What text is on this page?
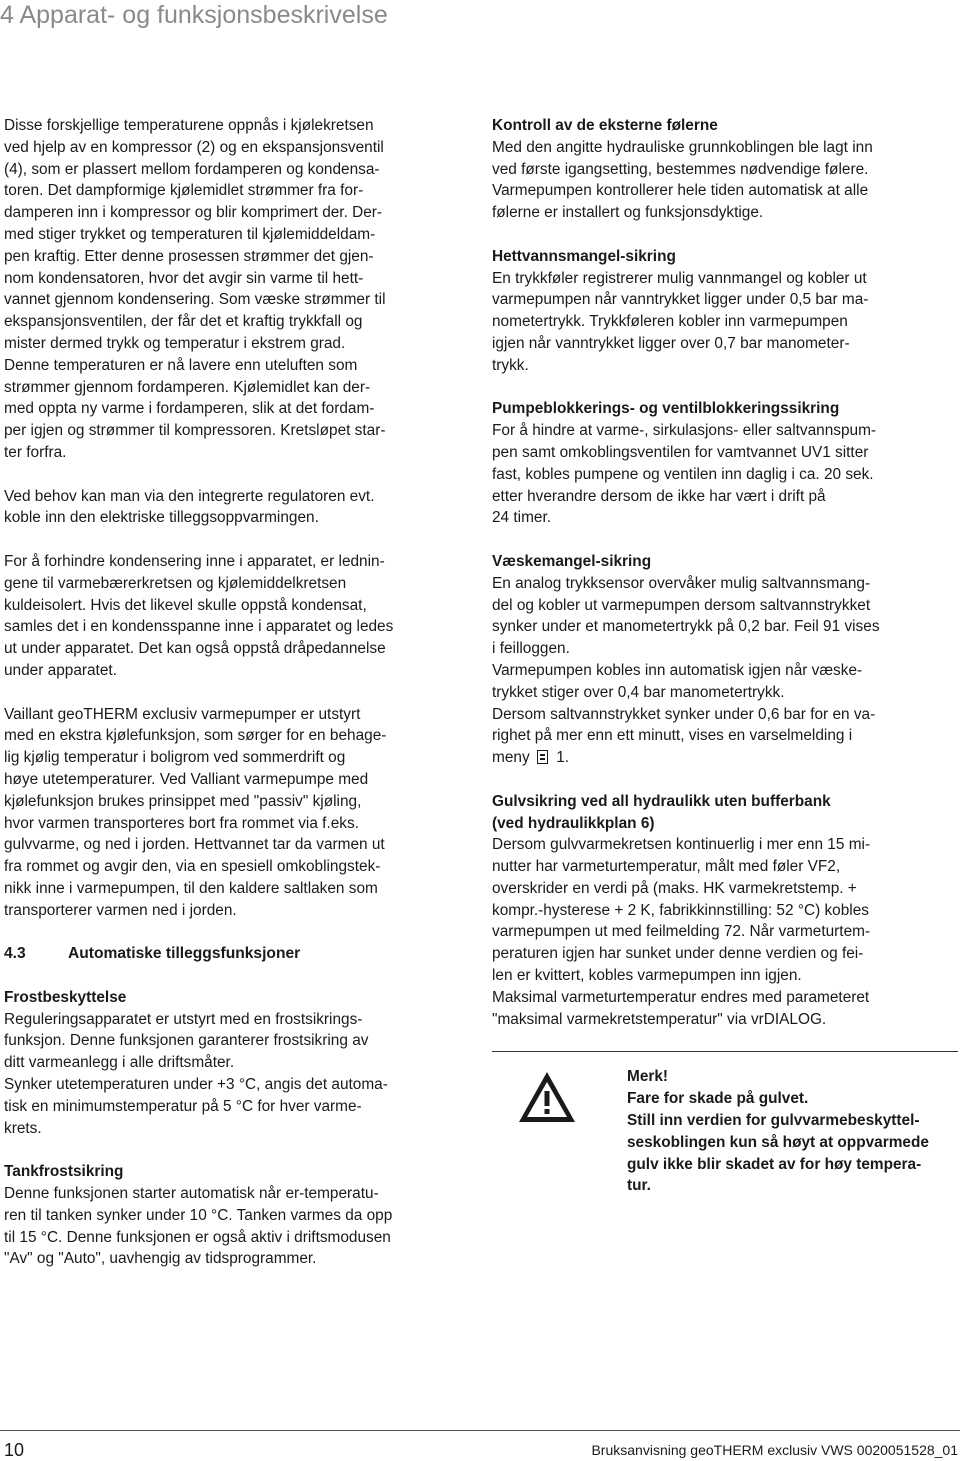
4 Apparat- og funksjonsbeskrivelse

Disse forskjellige temperaturene oppnås i kjølekretsen

ved hjelp av en kompressor (2) og en ekspansjonsventil

(4), som er plassert mellom fordamperen og kondensa-

toren. Det dampformige kjølemidlet strømmer fra for-

damperen inn i kompressor og blir komprimert der. Der-

med stiger trykket og temperaturen til kjølemiddeldam-

pen kraftig. Etter denne prosessen strømmer det gjen-

nom kondensatoren, hvor det avgir sin varme til hett-

vannet gjennom kondensering. Som væske strømmer til

ekspansjonsventilen, der får det et kraftig trykkfall og

mister dermed trykk og temperatur i ekstrem grad.

Denne temperaturen er nå lavere enn uteluften som

strømmer gjennom fordamperen. Kjølemidlet kan der-

med oppta ny varme i fordamperen, slik at det fordam-

per igjen og strømmer til kompressoren. Kretsløpet star-

ter forfra.

Ved behov kan man via den integrerte regulatoren evt.

koble inn den elektriske tilleggsoppvarmingen.

For å forhindre kondensering inne i apparatet, er lednin-

gene til varmebærerkretsen og kjølemiddelkretsen

kuldeisolert. Hvis det likevel skulle oppstå kondensat,

samles det i en kondensspanne inne i apparatet og ledes

ut under apparatet. Det kan også oppstå dråpedannelse

under apparatet.

Vaillant geoTHERM exclusiv varmepumper er utstyrt

med en ekstra kjølefunksjon, som sørger for en behage-

lig kjølig temperatur i boligrom ved sommerdrift og

høye utetemperaturer. Ved Valliant varmepumpe med

kjølefunksjon brukes prinsippet med "passiv" kjøling,

hvor varmen transporteres bort fra rommet via f.eks.

gulvvarme, og ned i jorden. Hettvannet tar da varmen ut

fra rommet og avgir den, via en spesiell omkoblingstek-

nikk inne i varmepumpen, til den kaldere saltlaken som

transporterer varmen ned i jorden.

4.3	Automatiske tilleggsfunksjoner

Frostbeskyttelse

Reguleringsapparatet er utstyrt med en frostsikrings-

funksjon. Denne funksjonen garanterer frostsikring av

ditt varmeanlegg i alle driftsmåter.

Synker utetemperaturen under +3 °C, angis det automa-

tisk en minimumstemperatur på 5 °C for hver varme-

krets.

Tankfrostsikring

Denne funksjonen starter automatisk når er-temperatu-

ren til tanken synker under 10 °C. Tanken varmes da opp

til 15 °C. Denne funksjonen er også aktiv i driftsmodusen

"Av" og "Auto", uavhengig av tidsprogrammer.

Kontroll av de eksterne følerne

Med den angitte hydrauliske grunnkoblingen ble lagt inn

ved første igangsetting, bestemmes nødvendige følere.

Varmepumpen kontrollerer hele tiden automatisk at alle

følerne er installert og funksjonsdyktige.

Hettvannsmangel-sikring

En trykkføler registrerer mulig vannmangel og kobler ut

varmepumpen når vanntrykket ligger under 0,5 bar ma-

nometertrykk. Trykkføleren kobler inn varmepumpen

igjen når vanntrykket ligger over 0,7 bar manometer-

trykk.

Pumpeblokkerings- og ventilblokkeringssikring

For å hindre at varme-, sirkulasjons- eller saltvannspum-

pen samt omkoblingsventilen for vamtvannet UV1 sitter

fast, kobles pumpene og ventilen inn daglig i ca. 20 sek.

etter hverandre dersom de ikke har vært i drift på

24 timer.

Væskemangel-sikring

En analog trykksensor overvåker mulig saltvannsmang-

del og kobler ut varmepumpen dersom saltvannstrykket

synker under et manometertrykk på 0,2 bar. Feil 91 vises

i feilloggen.

Varmepumpen kobles inn automatisk igjen når væske-

trykket stiger over 0,4 bar manometertrykk.

Dersom saltvannstrykket synker under 0,6 bar for en va-

righet på mer enn ett minutt, vises en varselmelding i

meny 1.

Gulvsikring ved all hydraulikk uten bufferbank

(ved hydraulikkplan 6)

Dersom gulvvarmekretsen kontinuerlig i mer enn 15 mi-

nutter har varmeturtemperatur, målt med føler VF2,

overskrider en verdi på (maks. HK varmekretstemp. +

kompr.-hysterese + 2 K, fabrikkinnstilling: 52 °C) kobles

varmepumpen ut med feilmelding 72. Når varmeturtem-

peraturen igjen har sunket under denne verdien og fei-

len er kvittert, kobles varmepumpen inn igjen.

Maksimal varmeturtemperatur endres med parameteret

"maksimal varmekretstemperatur" via vrDIALOG.

Merk!

Fare for skade på gulvet.

Still inn verdien for gulvvarmebeskyttel-

seskoblingen kun så høyt at oppvarmede

gulv ikke blir skadet av for høy tempera-

tur.

10	Bruksanvisning geoTHERM exclusiv VWS 0020051528_01
